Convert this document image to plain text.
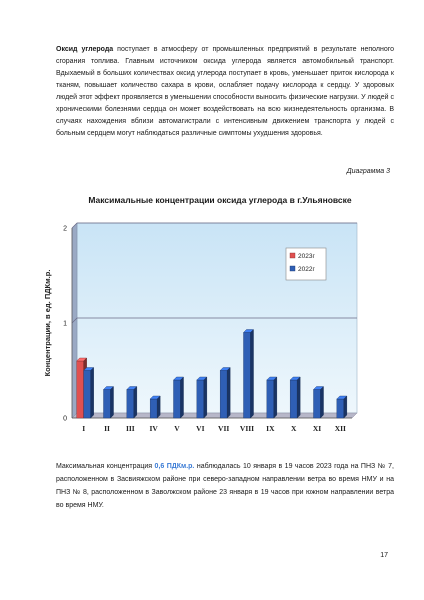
Оксид углерода поступает в атмосферу от промышленных предприятий в результате неполного сгорания топлива. Главным источником оксида углерода является автомобильный транспорт. Вдыхаемый в больших количествах оксид углерода поступает в кровь, уменьшает приток кислорода к тканям, повышает количество сахара в крови, ослабляет подачу кислорода к сердцу. У здоровых людей этот эффект проявляется в уменьшении способности выносить физические нагрузки. У людей с хроническими болезнями сердца он может воздействовать на всю жизнедеятельность организма. В случаях нахождения вблизи автомагистрали с интенсивным движением транспорта у людей с больным сердцем могут наблюдаться различные симптомы ухудшения здоровья.
Диаграмма 3
Максимальные концентрации оксида углерода в г.Ульяновске
0
1
2
Концентрации, в ед. ПДКм.р.
I	II III IV V VI VII VIII IX X XI XII
2023г
2022г
Максимальная концентрация 0,6 ПДКм.р. наблюдалась 10 января в 19 часов 2023 года на ПНЗ № 7, расположенном в Засвияжском районе при северо-западном направлении ветра во время НМУ и на ПНЗ № 8, расположенном в Заволжском районе 23 января в 19 часов при южном направлении ветра во время НМУ.
17
